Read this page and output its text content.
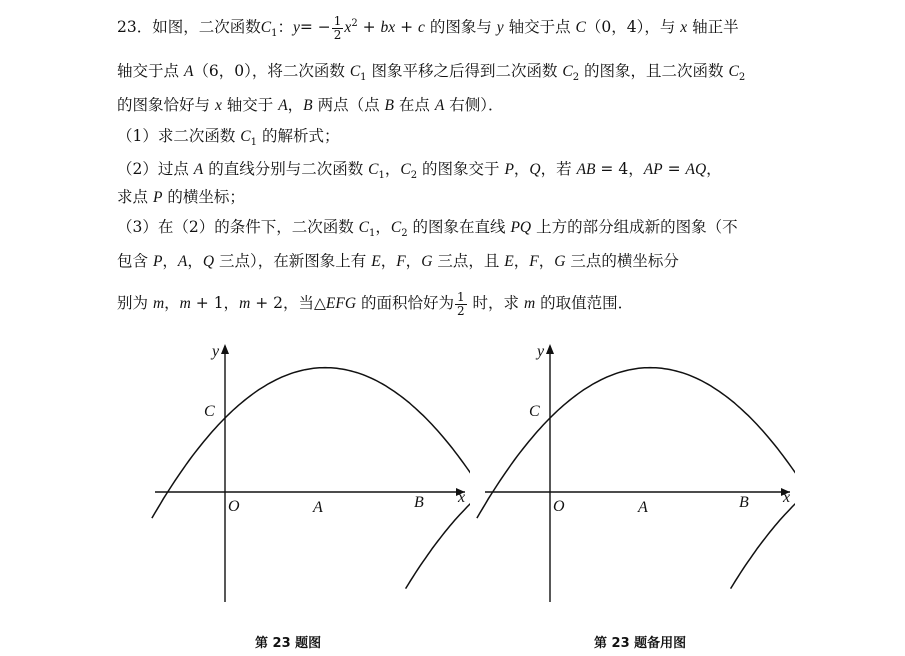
23．如图，二次函数$C_1$：$y= - \frac{1}{2} x^2$ + bx + c 的图象与 y 轴交于点 C（0，4），与 x 轴正半
轴交于点 A（6，0），将二次函数 $C_1$ 图象平移之后得到二次函数 $C_2$ 的图象，且二次函数 $C_2$
的图象恰好与 x 轴交于 A，B 两点（点 B 在点 A 右侧）．
（1）求二次函数 $C_1$ 的解析式；
（2）过点 A 的直线分别与二次函数 $C_1$，$C_2$ 的图象交于 P，Q，若 AB = 4，AP = AQ，
求点 P 的横坐标；
（3）在（2）的条件下，二次函数 $C_1$，$C_2$ 的图象在直线 PQ 上方的部分组成新的图象（不
包含 P，A，Q 三点），在新图象上有 E，F，G 三点，且 E，F，G 三点的横坐标分
别为 m，m + 1，m + 2，当△EFG 的面积恰好为 $\frac{1}{2}$ 时，求 m 的取值范围．
y
x
O
C
A	B
第 23 题图
y
x
O
C
A	B
第 23 题备用图
